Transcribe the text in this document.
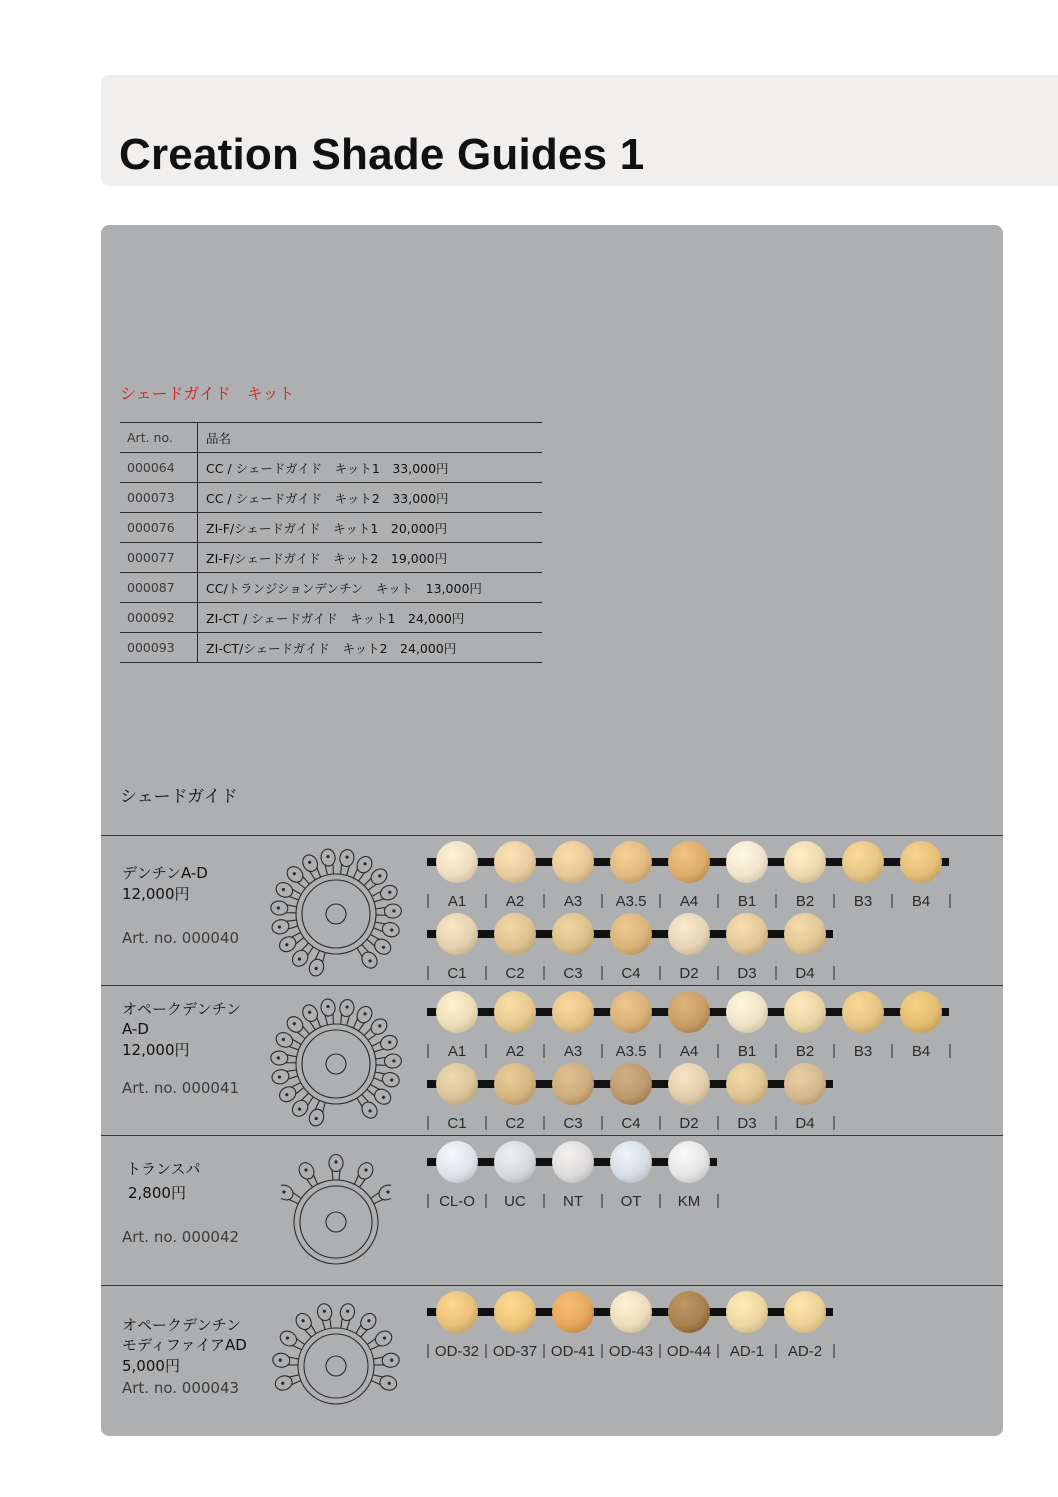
Creation Shade Guides 1
シェードガイド　キット
Art. no.	品名
000064	CC / シェードガイド　キット1　33,000円
000073	CC / シェードガイド　キット2　33,000円
000076	ZI-F/シェードガイド　キット1　20,000円
000077	ZI-F/シェードガイド　キット2　19,000円
000087	CC/トランジションデンチン　キット　13,000円
000092	ZI-CT / シェードガイド　キット1　24,000円
000093	ZI-CT/シェードガイド　キット2　24,000円
シェードガイド
デンチンA-D
12,000円
Art. no. 000040
A1	A2	A3 A3.5 A4	B1	B2	B3	B4
C1	C2	C3	C4	D2	D3	D4
オペークデンチン
A-D
12,000円
Art. no. 000041
A1	A2	A3 A3.5 A4	B1	B2	B3	B4
C1	C2	C3	C4	D2	D3	D4
トランスパ
2,800円
Art. no. 000042
CL-O UC NT	OT KM
オペークデンチン
モディファイアAD
5,000円
Art. no. 000043
OD-32 OD-37 OD-41 OD-43 OD-44 AD-1 AD-2
